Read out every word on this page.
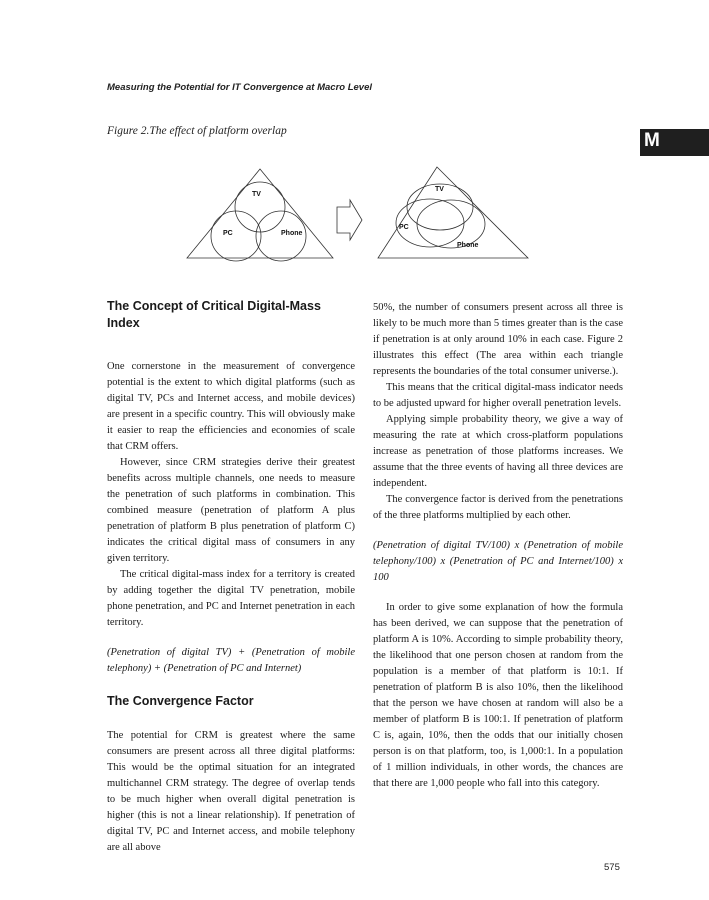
Measuring the Potential for IT Convergence at Macro Level
M
Figure 2.The effect of platform overlap
TV
PC	Phone
TV
PC
Phone
The Concept of Critical Digital-Mass Index

One cornerstone in the measurement of convergence potential is the extent to which digital platforms (such as digital TV, PCs and Internet access, and mobile devices) are present in a specific country. This will obviously make it easier to reap the efficiencies and economies of scale that CRM offers.

However, since CRM strategies derive their greatest benefits across multiple channels, one needs to measure the penetration of such platforms in combination. This combined measure (penetration of platform A plus penetration of platform B plus penetration of platform C) indicates the critical digital mass of consumers in any given territory.

The critical digital-mass index for a territory is created by adding together the digital TV penetration, mobile phone penetration, and PC and Internet penetration in each territory.

(Penetration of digital TV) + (Penetration of mobile telephony) + (Penetration of PC and Internet)

The Convergence Factor

The potential for CRM is greatest where the same consumers are present across all three digital platforms: This would be the optimal situation for an integrated multichannel CRM strategy. The degree of overlap tends to be much higher when overall digital penetration is higher (this is not a linear relationship). If penetration of digital TV, PC and Internet access, and mobile telephony are all above

50%, the number of consumers present across all three is likely to be much more than 5 times greater than is the case if penetration is at only around 10% in each case. Figure 2 illustrates this effect (The area within each triangle represents the boundaries of the total consumer universe.).

This means that the critical digital-mass indicator needs to be adjusted upward for higher overall penetration levels.

Applying simple probability theory, we give a way of measuring the rate at which cross-platform populations increase as penetration of those platforms increases. We assume that the three events of having all three devices are independent.

The convergence factor is derived from the penetrations of the three platforms multiplied by each other.

(Penetration of digital TV/100) x (Penetration of mobile telephony/100) x (Penetration of PC and Internet/100) x 100

In order to give some explanation of how the formula has been derived, we can suppose that the penetration of platform A is 10%. According to simple probability theory, the likelihood that one person chosen at random from the population is a member of that platform is 10:1. If penetration of platform B is also 10%, then the likelihood that the person we have chosen at random will also be a member of platform B is 100:1. If penetration of platform C is, again, 10%, then the odds that our initially chosen person is on that platform, too, is 1,000:1. In a population of 1 million individuals, in other words, the chances are that there are 1,000 people who fall into this category.

575
